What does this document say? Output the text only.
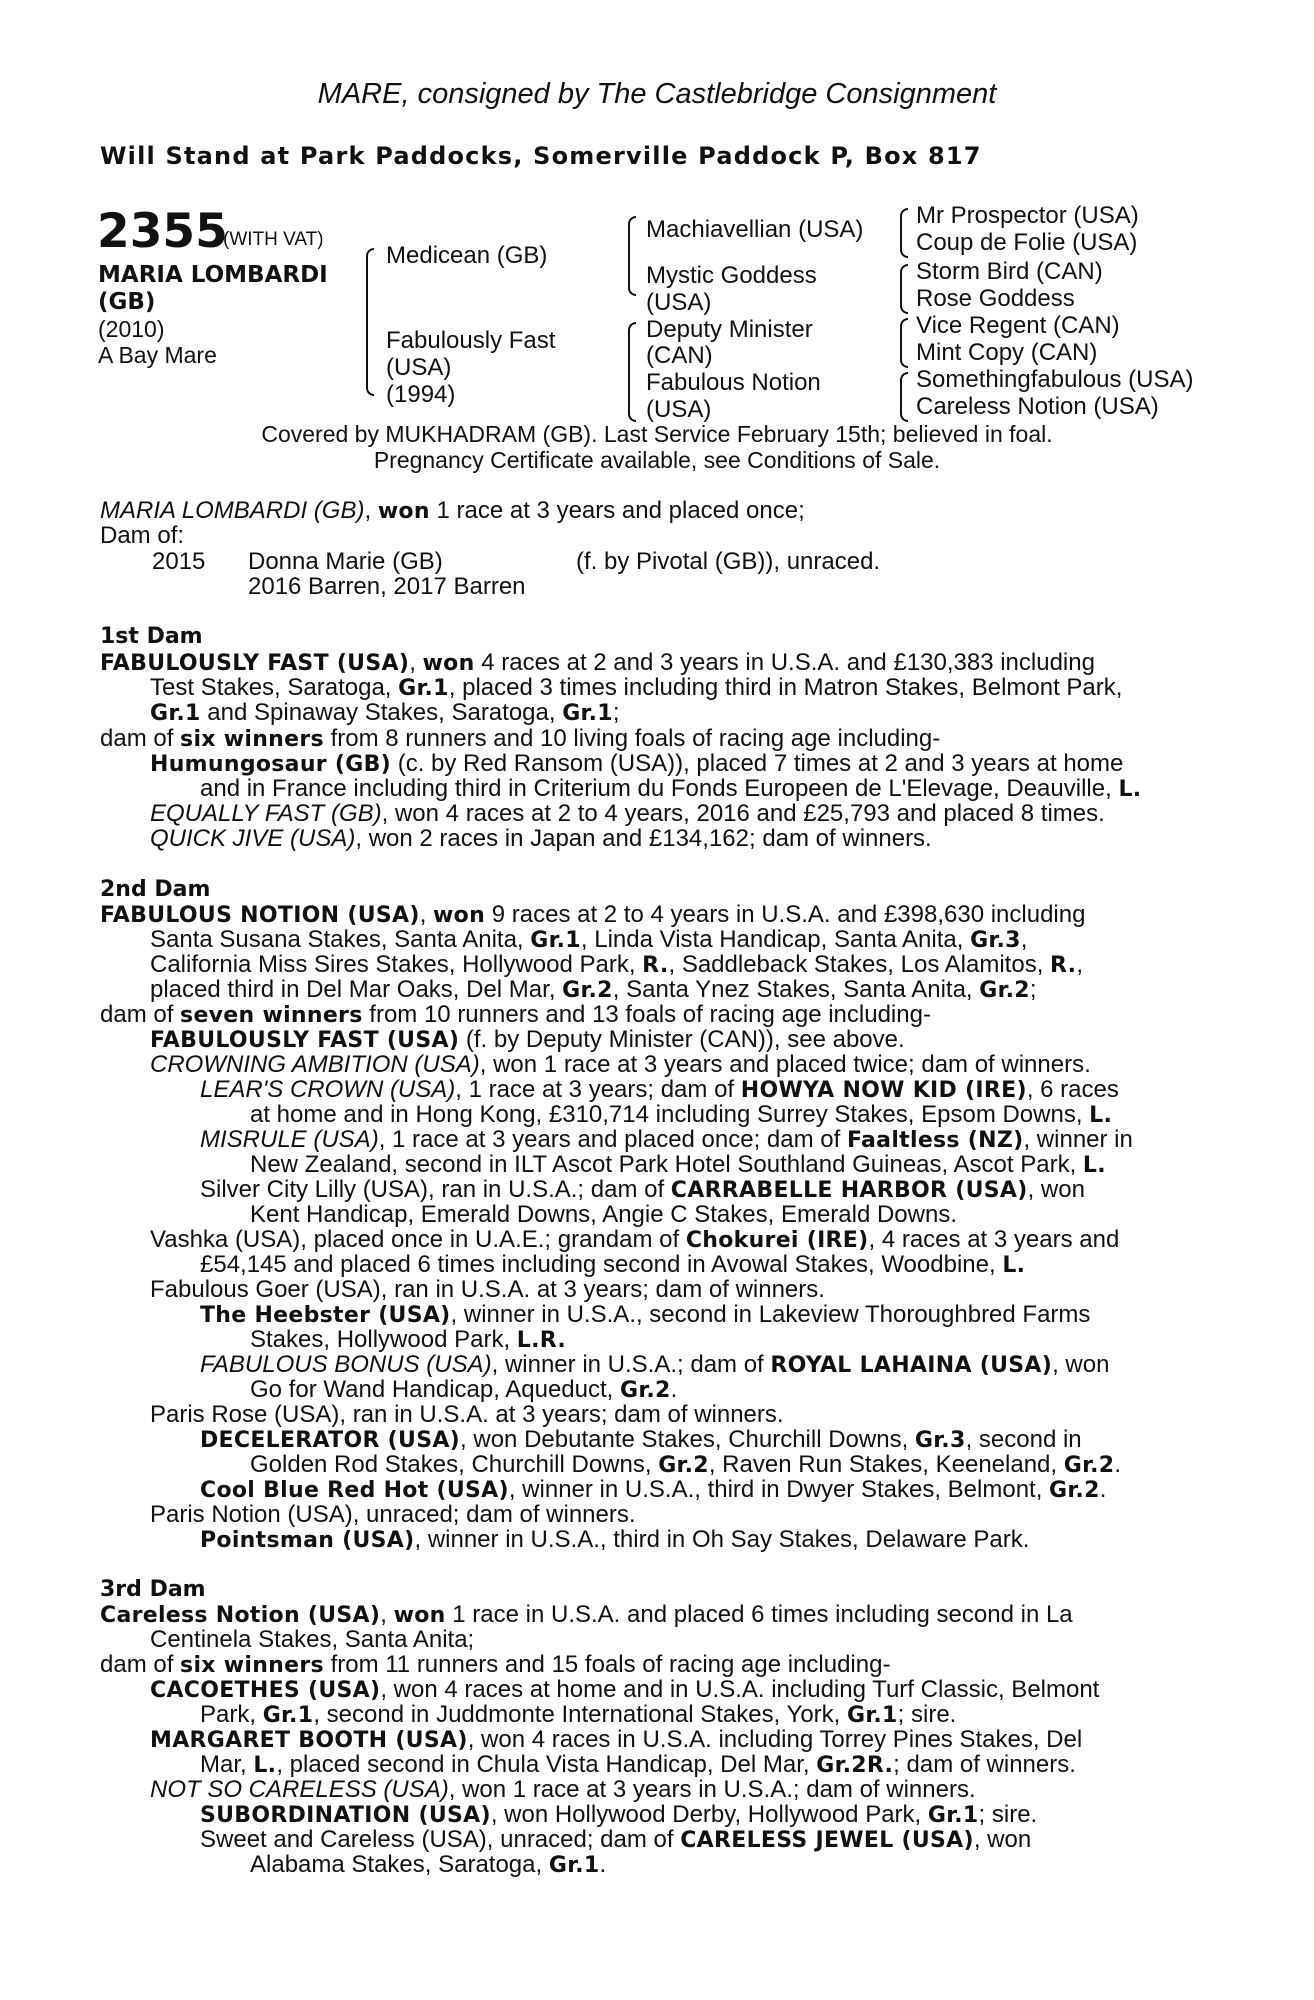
MARE, consigned by The Castlebridge Consignment
Will Stand at Park Paddocks, Somerville Paddock P, Box 817
2355
(WITH VAT)
MARIA LOMBARDI
(GB)
(2010)
A Bay Mare
Medicean (GB)
Fabulously Fast
(USA)
(1994)
Machiavellian (USA)
Mystic Goddess
(USA)
Deputy Minister
(CAN)
Fabulous Notion
(USA)
Mr Prospector (USA)
Coup de Folie (USA)
Storm Bird (CAN)
Rose Goddess
Vice Regent (CAN)
Mint Copy (CAN)
Somethingfabulous (USA)
Careless Notion (USA)
Covered by MUKHADRAM (GB). Last Service February 15th; believed in foal.
Pregnancy Certificate available, see Conditions of Sale.
MARIA LOMBARDI (GB), won 1 race at 3 years and placed once;
Dam of:
2015 Donna Marie (GB)	(f. by Pivotal (GB)), unraced.
2016 Barren, 2017 Barren
1st Dam
FABULOUSLY FAST (USA), won 4 races at 2 and 3 years in U.S.A. and £130,383 including
Test Stakes, Saratoga, Gr.1, placed 3 times including third in Matron Stakes, Belmont Park,
Gr.1 and Spinaway Stakes, Saratoga, Gr.1;
dam of six winners from 8 runners and 10 living foals of racing age including-
Humungosaur (GB) (c. by Red Ransom (USA)), placed 7 times at 2 and 3 years at home
and in France including third in Criterium du Fonds Europeen de L'Elevage, Deauville, L.
EQUALLY FAST (GB), won 4 races at 2 to 4 years, 2016 and £25,793 and placed 8 times.
QUICK JIVE (USA), won 2 races in Japan and £134,162; dam of winners.
2nd Dam
FABULOUS NOTION (USA), won 9 races at 2 to 4 years in U.S.A. and £398,630 including
Santa Susana Stakes, Santa Anita, Gr.1, Linda Vista Handicap, Santa Anita, Gr.3,
California Miss Sires Stakes, Hollywood Park, R., Saddleback Stakes, Los Alamitos, R.,
placed third in Del Mar Oaks, Del Mar, Gr.2, Santa Ynez Stakes, Santa Anita, Gr.2;
dam of seven winners from 10 runners and 13 foals of racing age including-
FABULOUSLY FAST (USA) (f. by Deputy Minister (CAN)), see above.
CROWNING AMBITION (USA), won 1 race at 3 years and placed twice; dam of winners.
LEAR'S CROWN (USA), 1 race at 3 years; dam of HOWYA NOW KID (IRE), 6 races
at home and in Hong Kong, £310,714 including Surrey Stakes, Epsom Downs, L.
MISRULE (USA), 1 race at 3 years and placed once; dam of Faaltless (NZ), winner in
New Zealand, second in ILT Ascot Park Hotel Southland Guineas, Ascot Park, L.
Silver City Lilly (USA), ran in U.S.A.; dam of CARRABELLE HARBOR (USA), won
Kent Handicap, Emerald Downs, Angie C Stakes, Emerald Downs.
Vashka (USA), placed once in U.A.E.; grandam of Chokurei (IRE), 4 races at 3 years and
£54,145 and placed 6 times including second in Avowal Stakes, Woodbine, L.
Fabulous Goer (USA), ran in U.S.A. at 3 years; dam of winners.
The Heebster (USA), winner in U.S.A., second in Lakeview Thoroughbred Farms
Stakes, Hollywood Park, L.R.
FABULOUS BONUS (USA), winner in U.S.A.; dam of ROYAL LAHAINA (USA), won
Go for Wand Handicap, Aqueduct, Gr.2.
Paris Rose (USA), ran in U.S.A. at 3 years; dam of winners.
DECELERATOR (USA), won Debutante Stakes, Churchill Downs, Gr.3, second in
Golden Rod Stakes, Churchill Downs, Gr.2, Raven Run Stakes, Keeneland, Gr.2.
Cool Blue Red Hot (USA), winner in U.S.A., third in Dwyer Stakes, Belmont, Gr.2.
Paris Notion (USA), unraced; dam of winners.
Pointsman (USA), winner in U.S.A., third in Oh Say Stakes, Delaware Park.
3rd Dam
Careless Notion (USA), won 1 race in U.S.A. and placed 6 times including second in La
Centinela Stakes, Santa Anita;
dam of six winners from 11 runners and 15 foals of racing age including-
CACOETHES (USA), won 4 races at home and in U.S.A. including Turf Classic, Belmont
Park, Gr.1, second in Juddmonte International Stakes, York, Gr.1; sire.
MARGARET BOOTH (USA), won 4 races in U.S.A. including Torrey Pines Stakes, Del
Mar, L., placed second in Chula Vista Handicap, Del Mar, Gr.2R.; dam of winners.
NOT SO CARELESS (USA), won 1 race at 3 years in U.S.A.; dam of winners.
SUBORDINATION (USA), won Hollywood Derby, Hollywood Park, Gr.1; sire.
Sweet and Careless (USA), unraced; dam of CARELESS JEWEL (USA), won
Alabama Stakes, Saratoga, Gr.1.
